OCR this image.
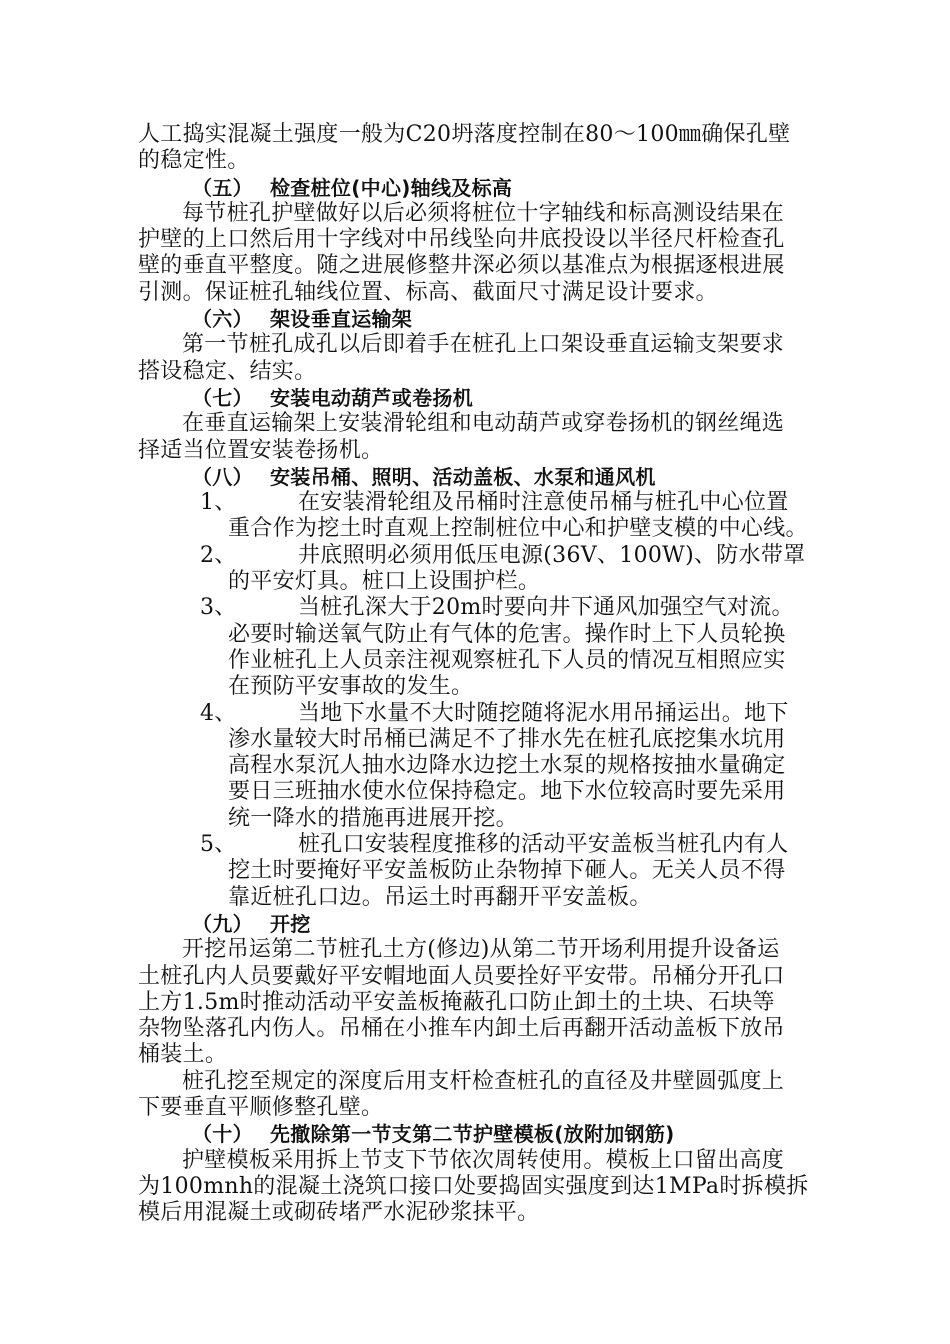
人工捣实混凝土强度一般为C20坍落度控制在80～100㎜确保孔壁
的稳定性。
（五） 检查桩位(中心)轴线及标高
每节桩孔护壁做好以后必须将桩位十字轴线和标高测设结果在
护壁的上口然后用十字线对中吊线坠向井底投设以半径尺杆检查孔
壁的垂直平整度。随之进展修整井深必须以基准点为根据逐根进展
引测。保证桩孔轴线位置、标高、截面尺寸满足设计要求。
（六） 架设垂直运输架
第一节桩孔成孔以后即着手在桩孔上口架设垂直运输支架要求
搭设稳定、结实。
（七） 安装电动葫芦或卷扬机
在垂直运输架上安装滑轮组和电动葫芦或穿卷扬机的钢丝绳选
择适当位置安装卷扬机。
（八） 安装吊桶、照明、活动盖板、水泵和通风机
1、	在安装滑轮组及吊桶时注意使吊桶与桩孔中心位置
重合作为挖土时直观上控制桩位中心和护壁支模的中心线。
2、	井底照明必须用低压电源(36V、100W)、防水带罩
的平安灯具。桩口上设围护栏。
3、	当桩孔深大于20m时要向井下通风加强空气对流。
必要时输送氧气防止有气体的危害。操作时上下人员轮换
作业桩孔上人员亲注视观察桩孔下人员的情况互相照应实
在预防平安事故的发生。
4、	当地下水量不大时随挖随将泥水用吊捅运出。地下
渗水量较大时吊桶已满足不了排水先在桩孔底挖集水坑用
高程水泵沉人抽水边降水边挖土水泵的规格按抽水量确定
要日三班抽水使水位保持稳定。地下水位较高时要先采用
统一降水的措施再进展开挖。
5、	桩孔口安装程度推移的活动平安盖板当桩孔内有人
挖土时要掩好平安盖板防止杂物掉下砸人。无关人员不得
靠近桩孔口边。吊运土时再翻开平安盖板。
（九） 开挖
开挖吊运第二节桩孔土方(修边)从第二节开场利用提升设备运
土桩孔内人员要戴好平安帽地面人员要拴好平安带。吊桶分开孔口
上方1.5m时推动活动平安盖板掩蔽孔口防止卸土的土块、石块等
杂物坠落孔内伤人。吊桶在小推车内卸土后再翻开活动盖板下放吊
桶装土。
桩孔挖至规定的深度后用支杆检查桩孔的直径及井壁圆弧度上
下要垂直平顺修整孔壁。
（十） 先撤除第一节支第二节护壁模板(放附加钢筋)
护壁模板采用拆上节支下节依次周转使用。模板上口留出高度
为100mnh的混凝土浇筑口接口处要捣固实强度到达1MPa时拆模拆
模后用混凝土或砌砖堵严水泥砂浆抹平。
